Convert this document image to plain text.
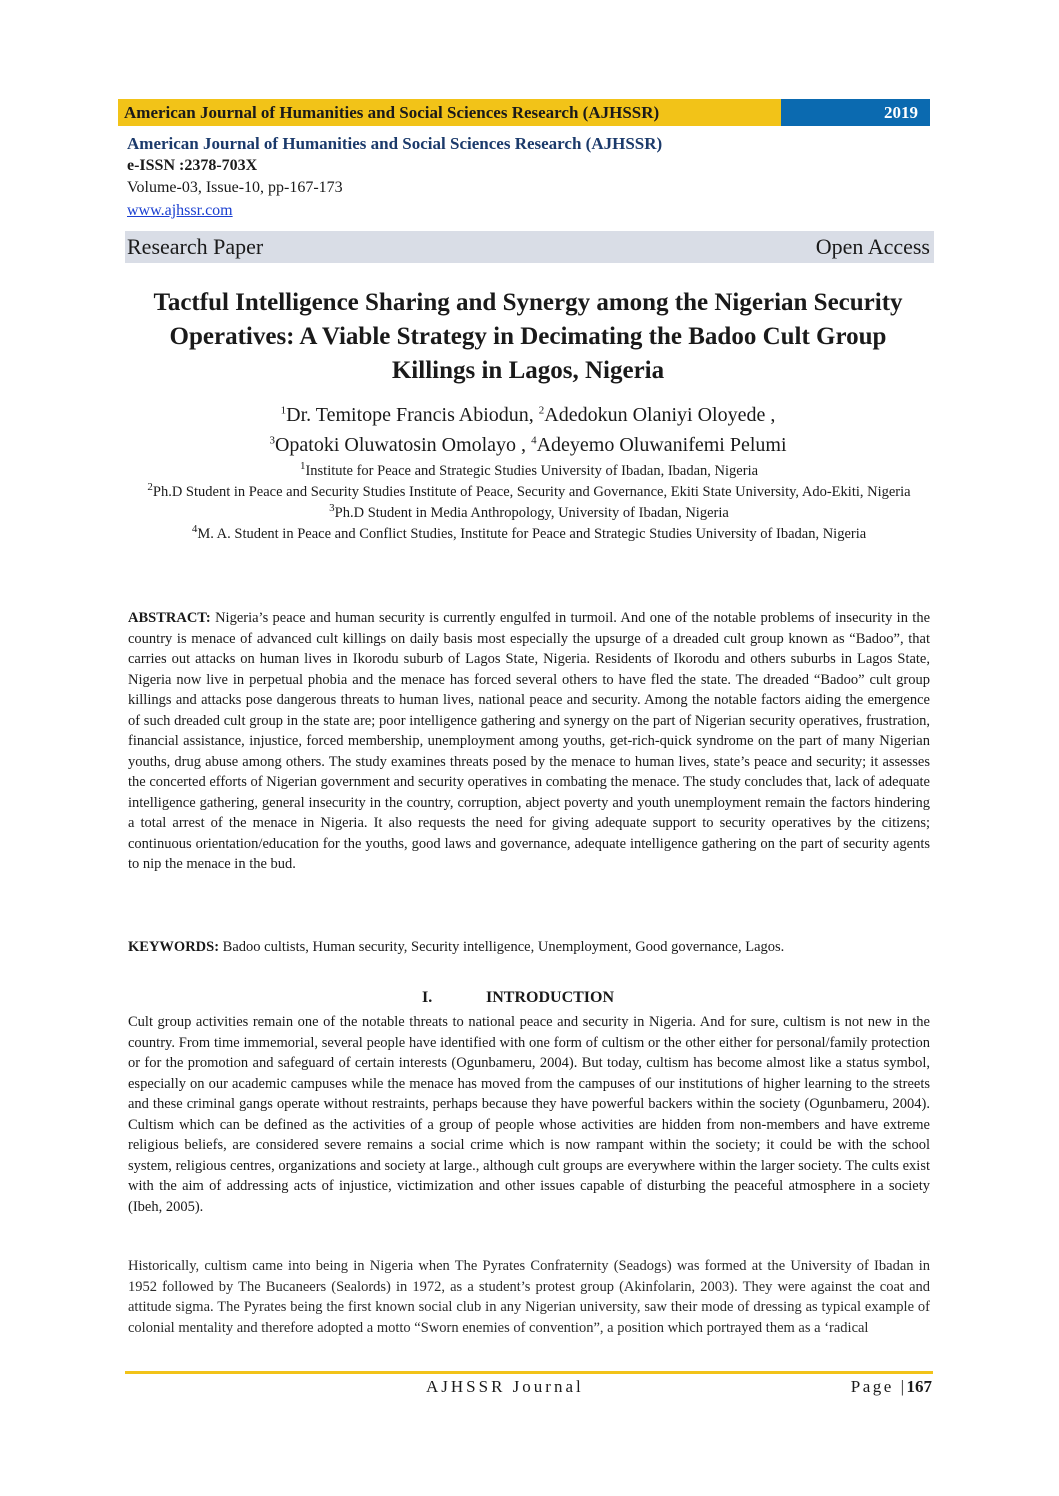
American Journal of Humanities and Social Sciences Research (AJHSSR)	2019
American Journal of Humanities and Social Sciences Research (AJHSSR)
e-ISSN :2378-703X
Volume-03, Issue-10, pp-167-173
www.ajhssr.com
Research Paper	Open Access
Tactful Intelligence Sharing and Synergy among the Nigerian Security Operatives: A Viable Strategy in Decimating the Badoo Cult Group Killings in Lagos, Nigeria
$^1$Dr. Temitope Francis Abiodun, $^2$Adedokun Olaniyi Oloyede ,
$^3$Opatoki Oluwatosin Omolayo , $^4$Adeyemo Oluwanifemi Pelumi
$^1$Institute for Peace and Strategic Studies University of Ibadan, Ibadan, Nigeria
$^2$Ph.D Student in Peace and Security Studies Institute of Peace, Security and Governance, Ekiti State University, Ado-Ekiti, Nigeria
$^3$Ph.D Student in Media Anthropology, University of Ibadan, Nigeria
$^4$M. A. Student in Peace and Conflict Studies, Institute for Peace and Strategic Studies University of Ibadan, Nigeria
ABSTRACT: Nigeria’s peace and human security is currently engulfed in turmoil. And one of the notable problems of insecurity in the country is menace of advanced cult killings on daily basis most especially the upsurge of a dreaded cult group known as “Badoo”, that carries out attacks on human lives in Ikorodu suburb of Lagos State, Nigeria. Residents of Ikorodu and others suburbs in Lagos State, Nigeria now live in perpetual phobia and the menace has forced several others to have fled the state. The dreaded “Badoo” cult group killings and attacks pose dangerous threats to human lives, national peace and security. Among the notable factors aiding the emergence of such dreaded cult group in the state are; poor intelligence gathering and synergy on the part of Nigerian security operatives, frustration, financial assistance, injustice, forced membership, unemployment among youths, get-rich-quick syndrome on the part of many Nigerian youths, drug abuse among others. The study examines threats posed by the menace to human lives, state’s peace and security; it assesses the concerted efforts of Nigerian government and security operatives in combating the menace. The study concludes that, lack of adequate intelligence gathering, general insecurity in the country, corruption, abject poverty and youth unemployment remain the factors hindering a total arrest of the menace in Nigeria. It also requests the need for giving adequate support to security operatives by the citizens; continuous orientation/education for the youths, good laws and governance, adequate intelligence gathering on the part of security agents to nip the menace in the bud.
KEYWORDS: Badoo cultists, Human security, Security intelligence, Unemployment, Good governance, Lagos.
I.	INTRODUCTION
Cult group activities remain one of the notable threats to national peace and security in Nigeria. And for sure, cultism is not new in the country. From time immemorial, several people have identified with one form of cultism or the other either for personal/family protection or for the promotion and safeguard of certain interests (Ogunbameru, 2004). But today, cultism has become almost like a status symbol, especially on our academic campuses while the menace has moved from the campuses of our institutions of higher learning to the streets and these criminal gangs operate without restraints, perhaps because they have powerful backers within the society (Ogunbameru, 2004). Cultism which can be defined as the activities of a group of people whose activities are hidden from non-members and have extreme religious beliefs, are considered severe remains a social crime which is now rampant within the society; it could be with the school system, religious centres, organizations and society at large., although cult groups are everywhere within the larger society. The cults exist with the aim of addressing acts of injustice, victimization and other issues capable of disturbing the peaceful atmosphere in a society (Ibeh, 2005).
Historically, cultism came into being in Nigeria when The Pyrates Confraternity (Seadogs) was formed at the University of Ibadan in 1952 followed by The Bucaneers (Sealords) in 1972, as a student’s protest group (Akinfolarin, 2003). They were against the coat and attitude sigma. The Pyrates being the first known social club in any Nigerian university, saw their mode of dressing as typical example of colonial mentality and therefore adopted a motto “Sworn enemies of convention”, a position which portrayed them as a ‘radical
AJHSSR Journal	Page |167
